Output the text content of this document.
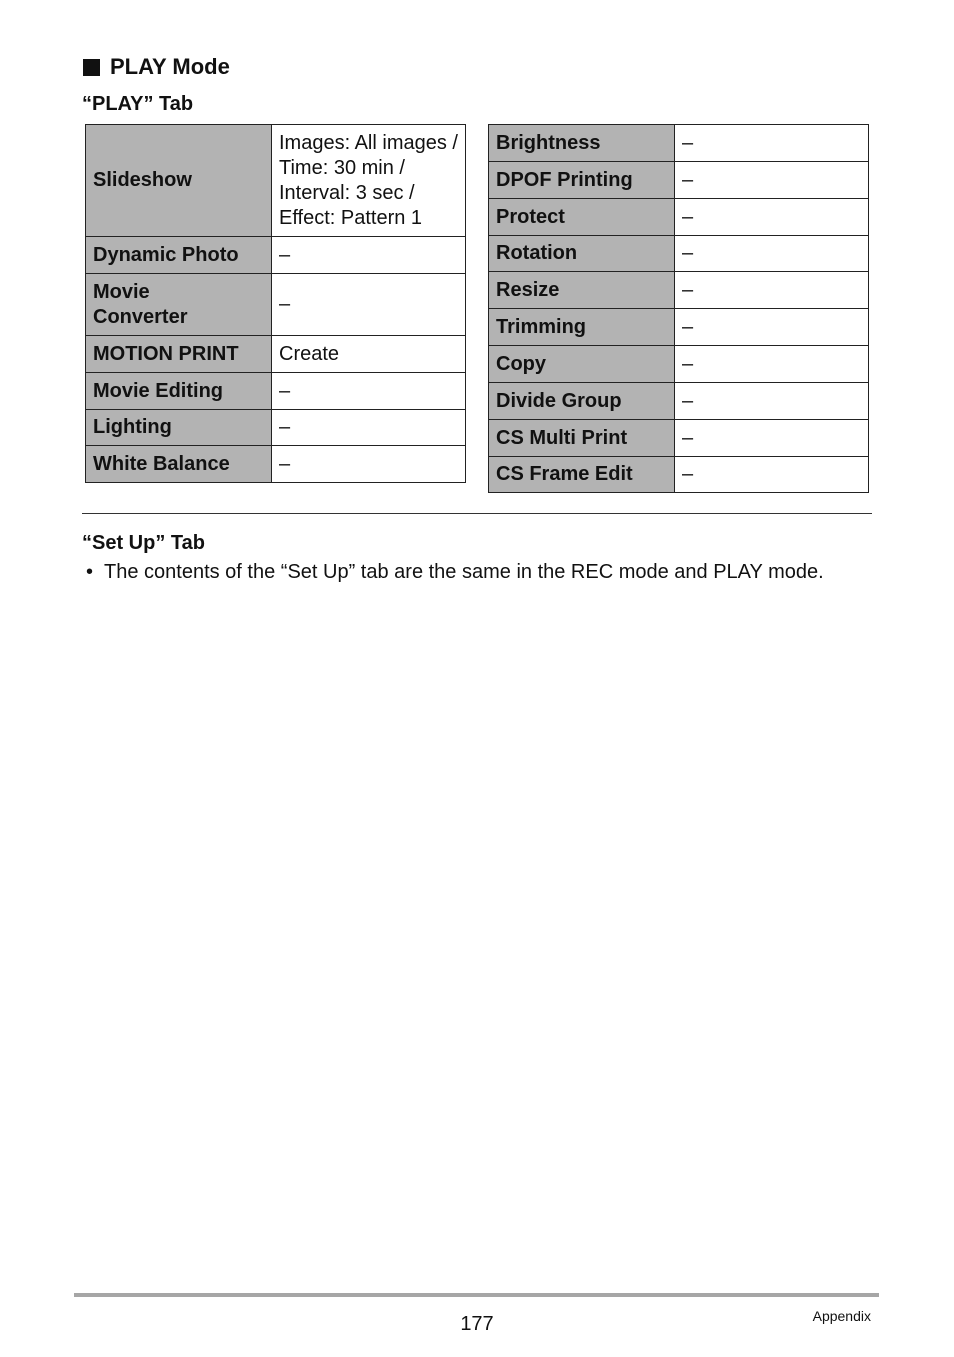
PLAY Mode
“PLAY” Tab
Slideshow	Images: All images /
Time: 30 min /
Interval: 3 sec /
Effect: Pattern 1

Dynamic Photo	–

Movie
Converter	–
MOTION PRINT	Create
Movie Editing	–
Lighting	–
White Balance	–
Brightness	–
DPOF Printing	–
Protect	–
Rotation	–
Resize	–
Trimming	–
Copy	–
Divide Group	–
CS Multi Print	–
CS Frame Edit	–
“Set Up” Tab
• The contents of the “Set Up” tab are the same in the REC mode and PLAY mode.
177	Appendix
